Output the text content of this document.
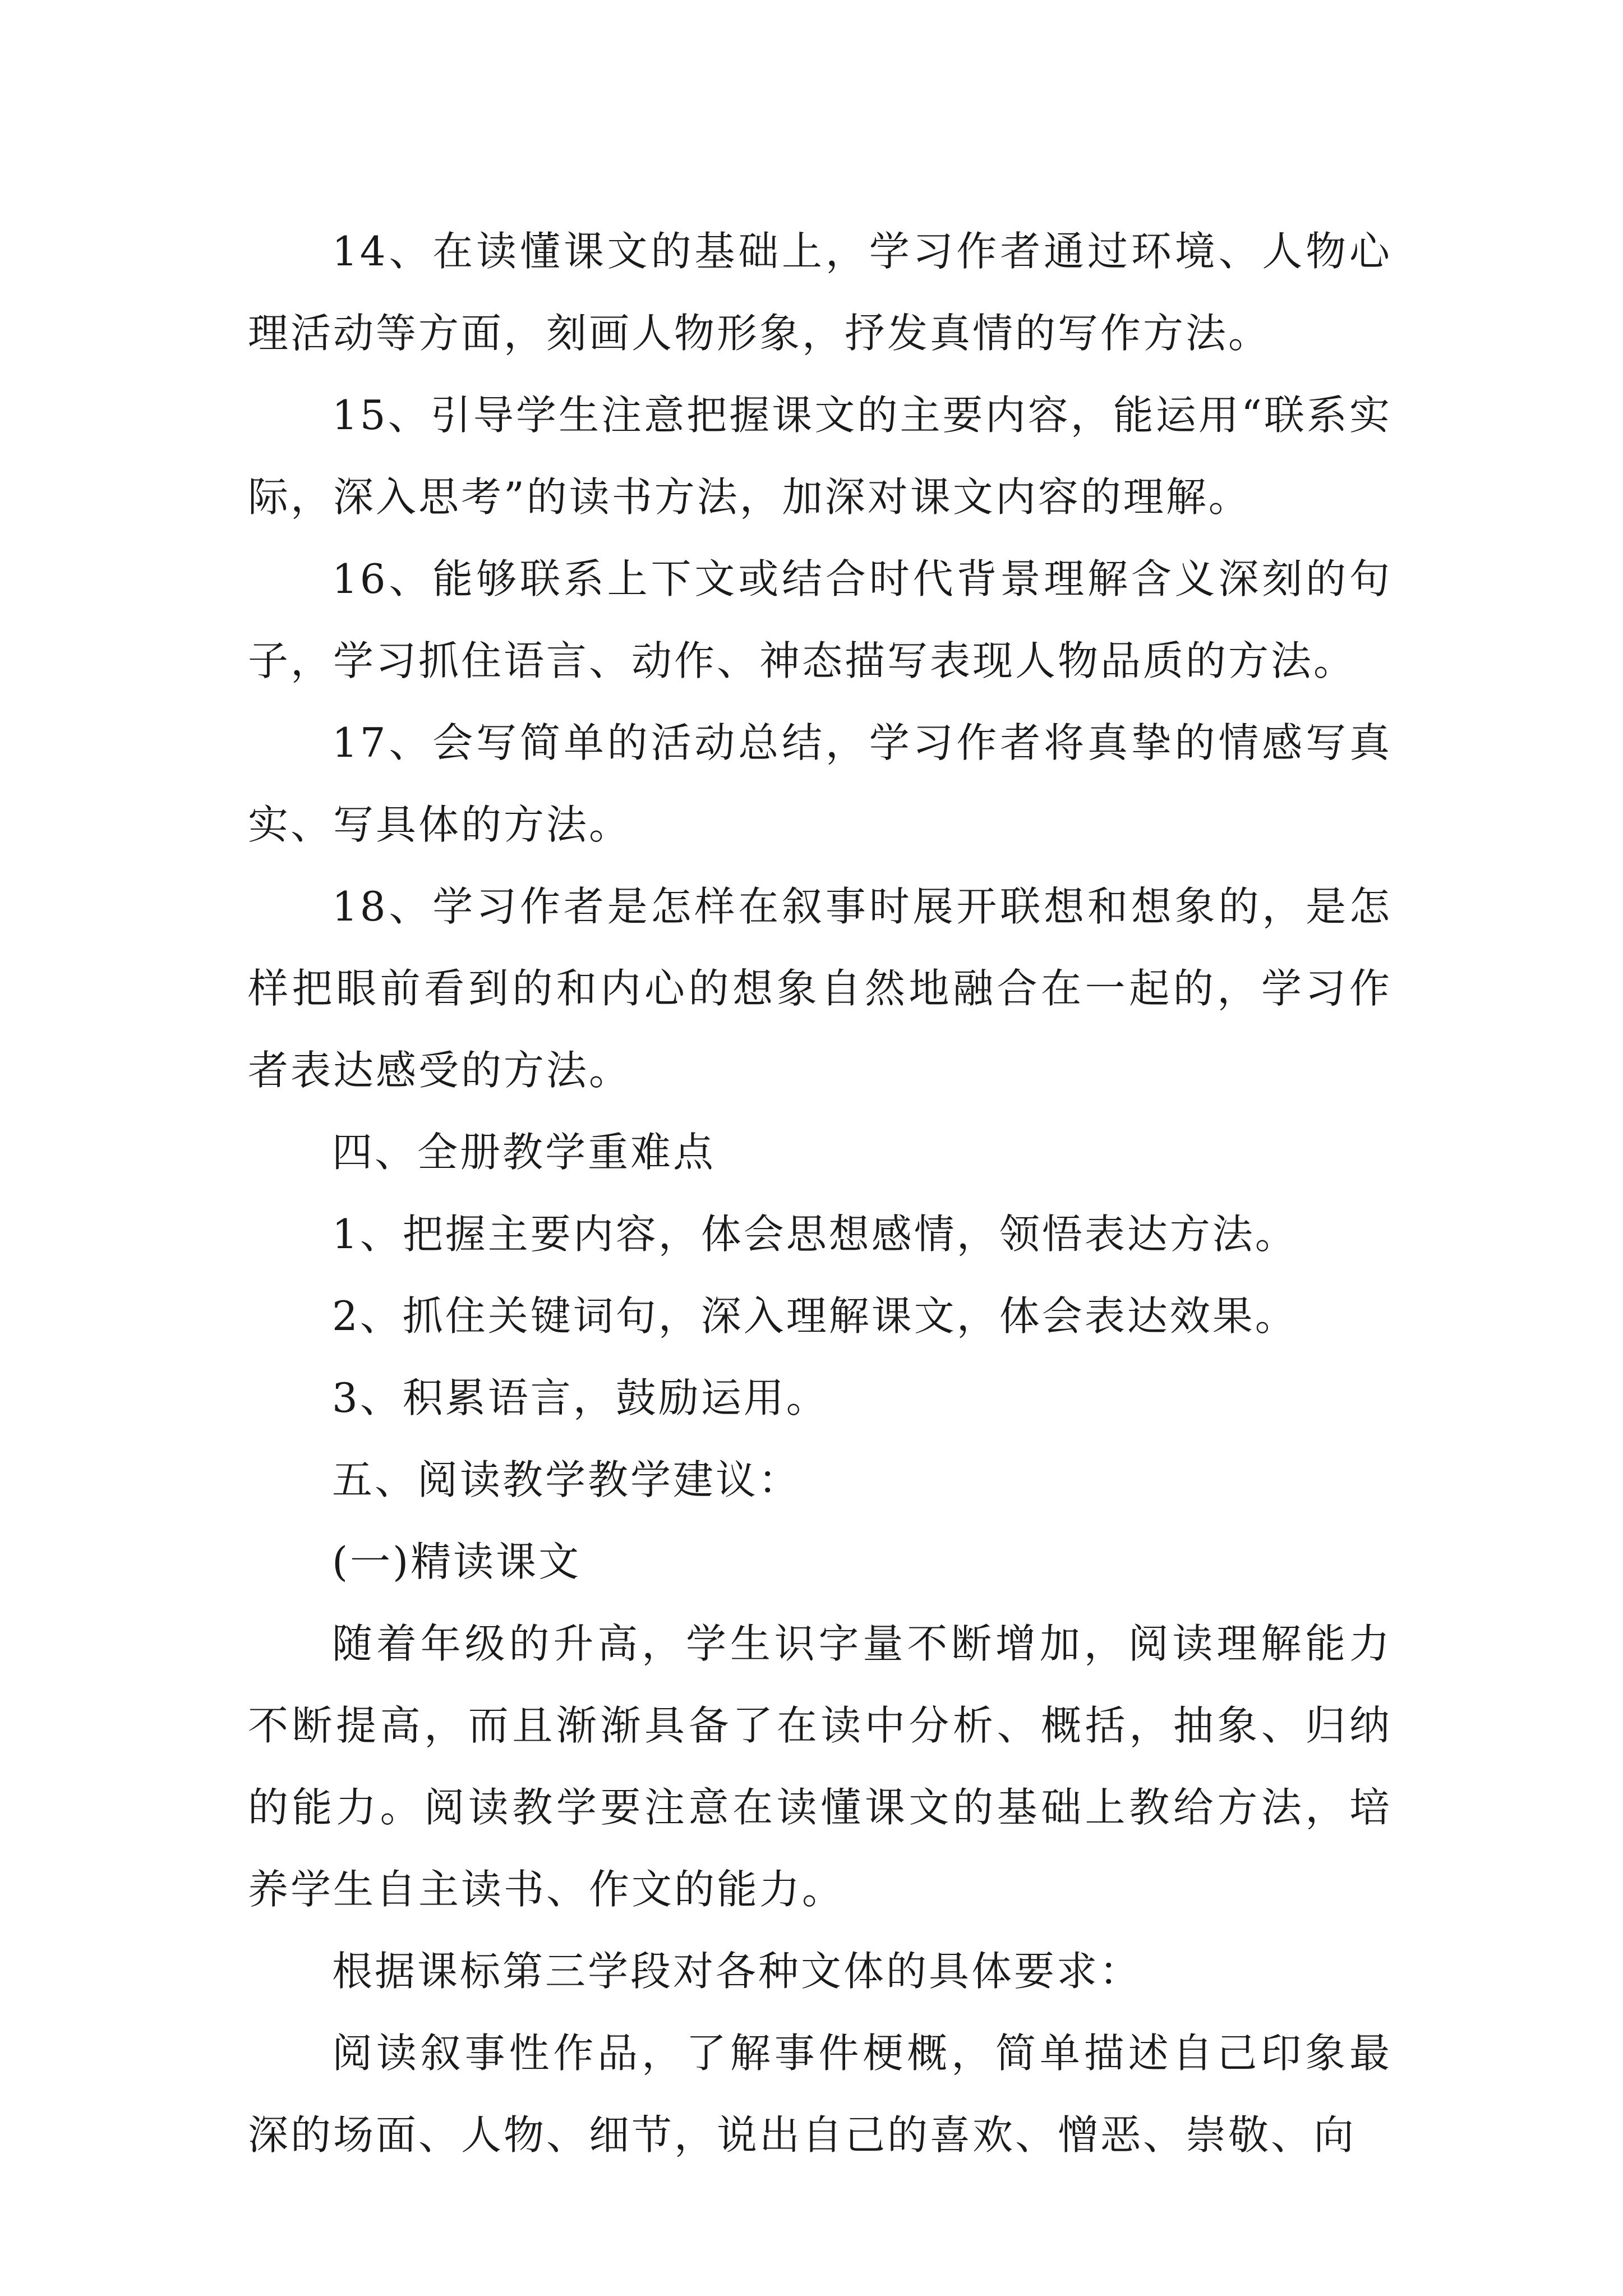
14、在读懂课文的基础上，学习作者通过环境、人物心理活动等方面，刻画人物形象，抒发真情的写作方法。

15、引导学生注意把握课文的主要内容，能运用“联系实际，深入思考”的读书方法，加深对课文内容的理解。

16、能够联系上下文或结合时代背景理解含义深刻的句子，学习抓住语言、动作、神态描写表现人物品质的方法。

17、会写简单的活动总结，学习作者将真挚的情感写真实、写具体的方法。

18、学习作者是怎样在叙事时展开联想和想象的，是怎样把眼前看到的和内心的想象自然地融合在一起的，学习作者表达感受的方法。

四、全册教学重难点

1、把握主要内容，体会思想感情，领悟表达方法。

2、抓住关键词句，深入理解课文，体会表达效果。

3、积累语言，鼓励运用。

五、阅读教学教学建议：

(一)精读课文

随着年级的升高，学生识字量不断增加，阅读理解能力不断提高，而且渐渐具备了在读中分析、概括，抽象、归纳的能力。阅读教学要注意在读懂课文的基础上教给方法，培养学生自主读书、作文的能力。

根据课标第三学段对各种文体的具体要求：

阅读叙事性作品，了解事件梗概，简单描述自己印象最深的场面、人物、细节，说出自己的喜欢、憎恶、崇敬、向
